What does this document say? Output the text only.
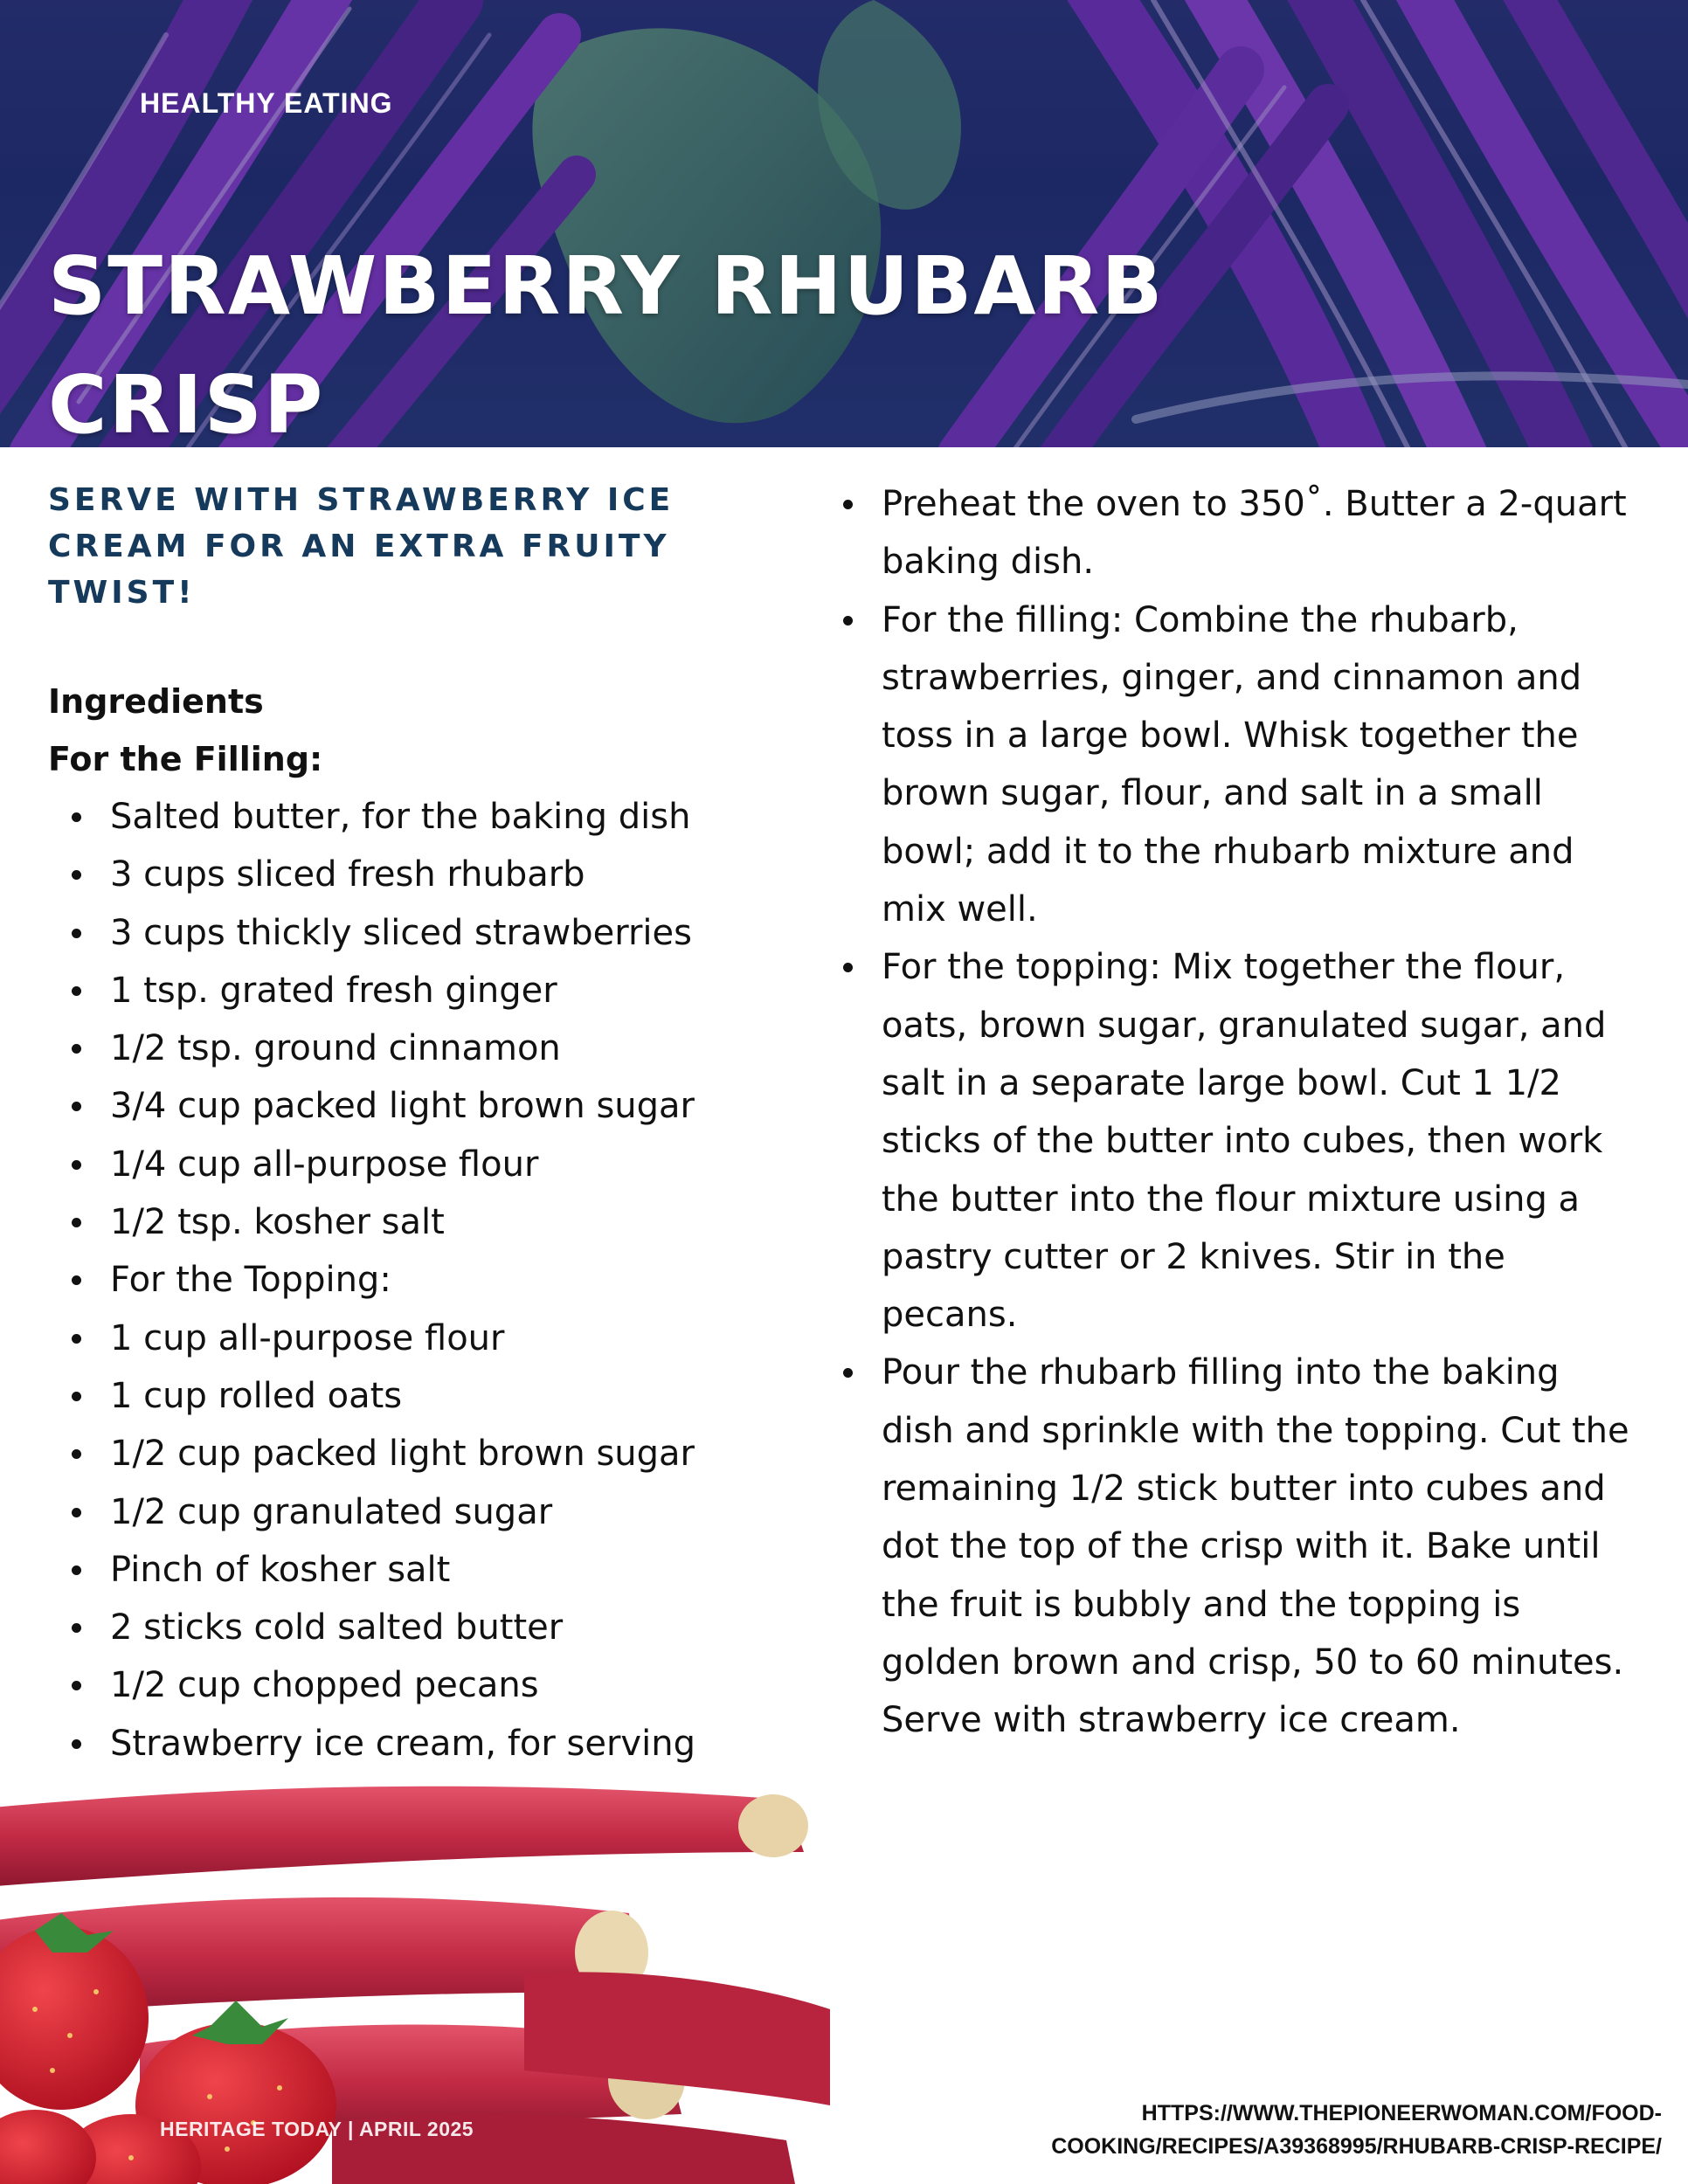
HEALTHY EATING
STRAWBERRY RHUBARB
CRISP
SERVE WITH STRAWBERRY ICE CREAM FOR AN EXTRA FRUITY TWIST!
Ingredients
For the Filling:
Salted butter, for the baking dish
3 cups sliced fresh rhubarb
3 cups thickly sliced strawberries
1 tsp. grated fresh ginger
1/2 tsp. ground cinnamon
3/4 cup packed light brown sugar
1/4 cup all-purpose flour
1/2 tsp. kosher salt
For the Topping:
1 cup all-purpose flour
1 cup rolled oats
1/2 cup packed light brown sugar
1/2 cup granulated sugar
Pinch of kosher salt
2 sticks cold salted butter
1/2 cup chopped pecans
Strawberry ice cream, for serving
Preheat the oven to 350˚. Butter a 2-quart baking dish.
For the filling: Combine the rhubarb, strawberries, ginger, and cinnamon and toss in a large bowl. Whisk together the brown sugar, flour, and salt in a small bowl; add it to the rhubarb mixture and mix well.
For the topping: Mix together the flour, oats, brown sugar, granulated sugar, and salt in a separate large bowl. Cut 1 1/2 sticks of the butter into cubes, then work the butter into the flour mixture using a pastry cutter or 2 knives. Stir in the pecans.
Pour the rhubarb filling into the baking dish and sprinkle with the topping. Cut the remaining 1/2 stick butter into cubes and dot the top of the crisp with it. Bake until the fruit is bubbly and the topping is golden brown and crisp, 50 to 60 minutes. Serve with strawberry ice cream.
HERITAGE TODAY | APRIL 2025
HTTPS://WWW.THEPIONEERWOMAN.COM/FOOD-
COOKING/RECIPES/A39368995/RHUBARB-CRISP-RECIPE/
